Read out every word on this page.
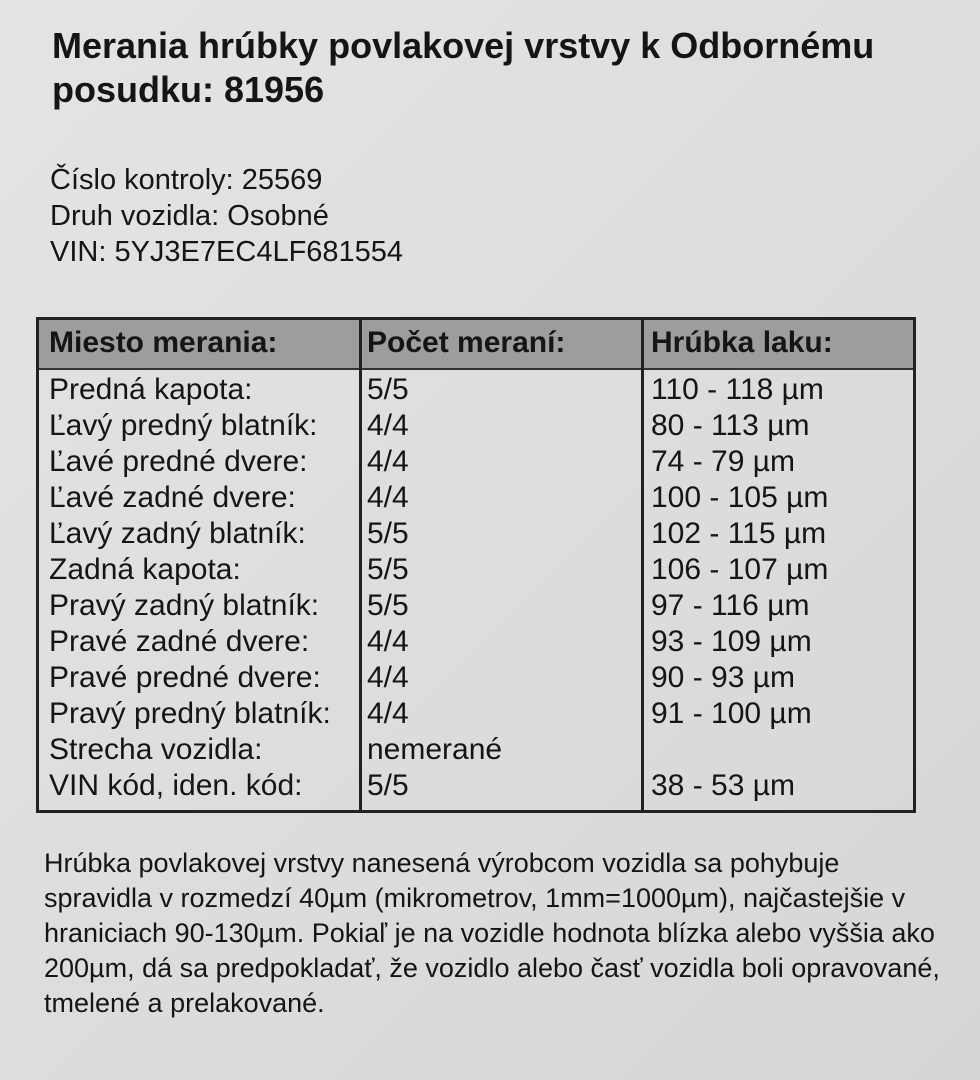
Merania hrúbky povlakovej vrstvy k Odbornému posudku: 81956
Číslo kontroly: 25569
Druh vozidla: Osobné
VIN: 5YJ3E7EC4LF681554
Miesto merania:	Počet meraní:	Hrúbka laku:
Predná kapota:	5/5	110 - 118 µm
Ľavý predný blatník: 4/4	80 - 113 µm
Ľavé predné dvere: 4/4	74 - 79 µm
Ľavé zadné dvere: 4/4	100 - 105 µm
Ľavý zadný blatník: 5/5	102 - 115 µm
Zadná kapota:	5/5	106 - 107 µm
Pravý zadný blatník: 5/5	97 - 116 µm
Pravé zadné dvere: 4/4	93 - 109 µm
Pravé predné dvere: 4/4	90 - 93 µm
Pravý predný blatník: 4/4	91 - 100 µm
Strecha vozidla:	nemerané
VIN kód, iden. kód: 5/5	38 - 53 µm

Hrúbka povlakovej vrstvy nanesená výrobcom vozidla sa pohybuje spravidla v rozmedzí 40µm (mikrometrov, 1mm=1000µm), najčastejšie v hraniciach 90-130µm. Pokiaľ je na vozidle hodnota blízka alebo vyššia ako 200µm, dá sa predpokladať, že vozidlo alebo časť vozidla boli opravované, tmelené a prelakované.
